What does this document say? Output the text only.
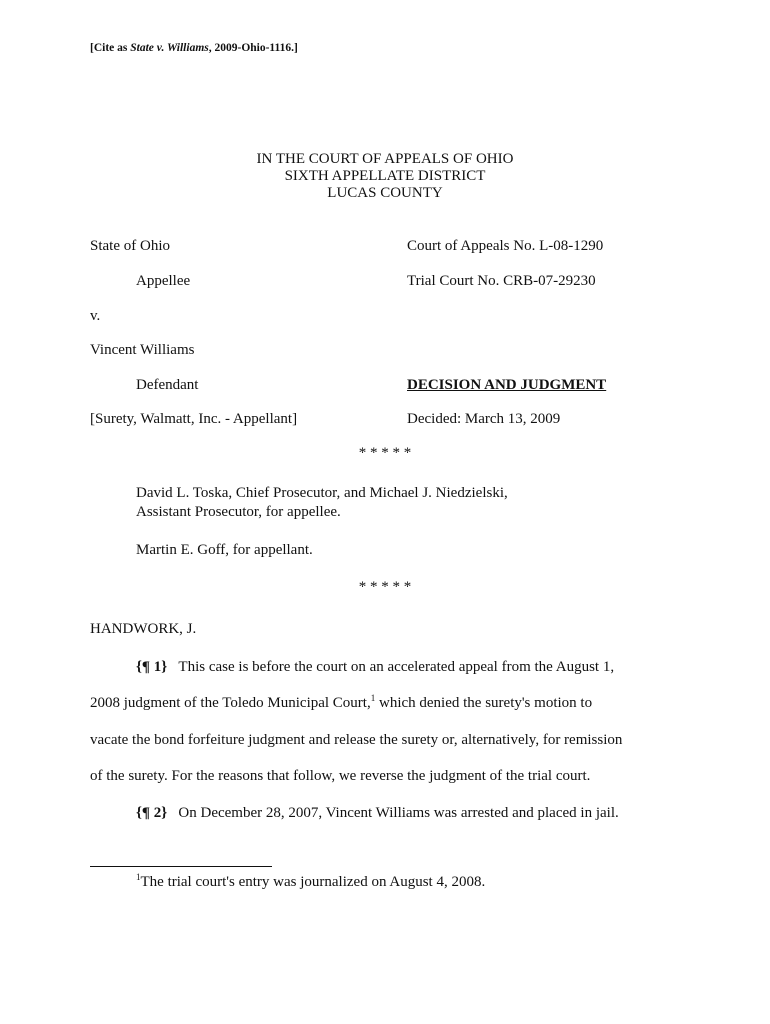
[Cite as State v. Williams, 2009-Ohio-1116.]
IN THE COURT OF APPEALS OF OHIO
SIXTH APPELLATE DISTRICT
LUCAS COUNTY
State of Ohio
Appellee
v.
Vincent Williams
Defendant
[Surety, Walmatt, Inc. - Appellant]
Court of Appeals No. L-08-1290
Trial Court No. CRB-07-29230
DECISION AND JUDGMENT
Decided: March 13, 2009
* * * * *
David L. Toska, Chief Prosecutor, and Michael J. Niedzielski,
Assistant Prosecutor, for appellee.
Martin E. Goff, for appellant.
* * * * *
HANDWORK, J.
{¶ 1} This case is before the court on an accelerated appeal from the August 1,
2008 judgment of the Toledo Municipal Court,$^1$ which denied the surety's motion to
vacate the bond forfeiture judgment and release the surety or, alternatively, for remission
of the surety. For the reasons that follow, we reverse the judgment of the trial court.
{¶ 2} On December 28, 2007, Vincent Williams was arrested and placed in jail.
$^1$The trial court's entry was journalized on August 4, 2008.
